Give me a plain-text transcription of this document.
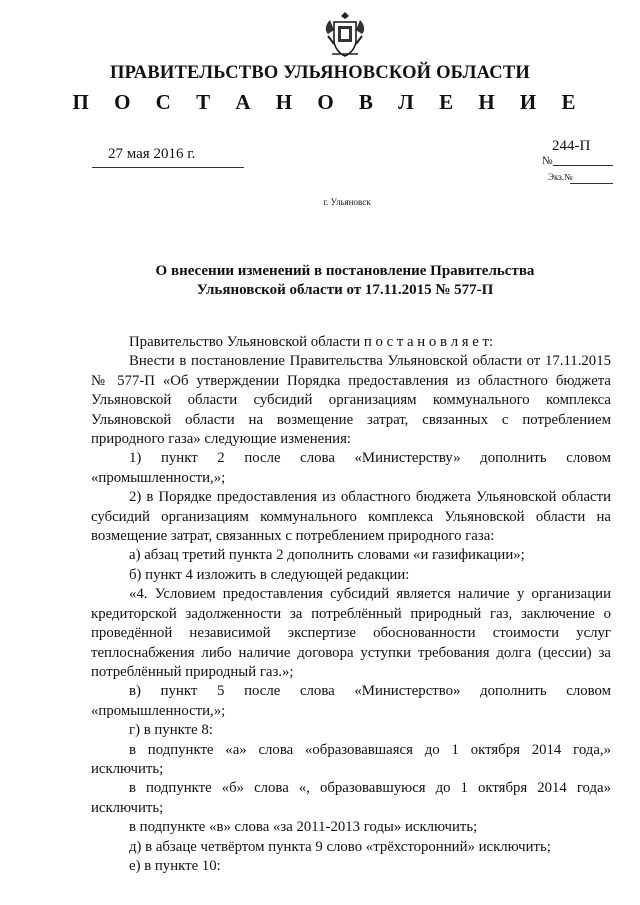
ПРАВИТЕЛЬСТВО УЛЬЯНОВСКОЙ ОБЛАСТИ
П О С Т А Н О В Л Е Н И Е
27 мая 2016 г.	244-П
№
Экз.№
г. Ульяновск
О внесении изменений в постановление Правительства
Ульяновской области от 17.11.2015 № 577-П

Правительство Ульяновской области п о с т а н о в л я е т:

Внести в постановление Правительства Ульяновской области от 17.11.2015 № 577-П «Об утверждении Порядка предоставления из областного бюджета Ульяновской области субсидий организациям коммунального комплекса Ульяновской области на возмещение затрат, связанных с потреблением природного газа» следующие изменения:

1) пункт 2 после слова «Министерству» дополнить словом «промышленности,»;

2) в Порядке предоставления из областного бюджета Ульяновской области субсидий организациям коммунального комплекса Ульяновской области на возмещение затрат, связанных с потреблением природного газа:

а) абзац третий пункта 2 дополнить словами «и газификации»;

б) пункт 4 изложить в следующей редакции:

«4. Условием предоставления субсидий является наличие у организации кредиторской задолженности за потреблённый природный газ, заключение о проведённой независимой экспертизе обоснованности стоимости услуг теплоснабжения либо наличие договора уступки требования долга (цессии) за потреблённый природный газ.»;

в) пункт 5 после слова «Министерство» дополнить словом «промышленности,»;

г) в пункте 8:

в подпункте «а» слова «образовавшаяся до 1 октября 2014 года,» исключить;

в подпункте «б» слова «, образовавшуюся до 1 октября 2014 года» исключить;

в подпункте «в» слова «за 2011-2013 годы» исключить;

д) в абзаце четвёртом пункта 9 слово «трёхсторонний» исключить;

е) в пункте 10:
